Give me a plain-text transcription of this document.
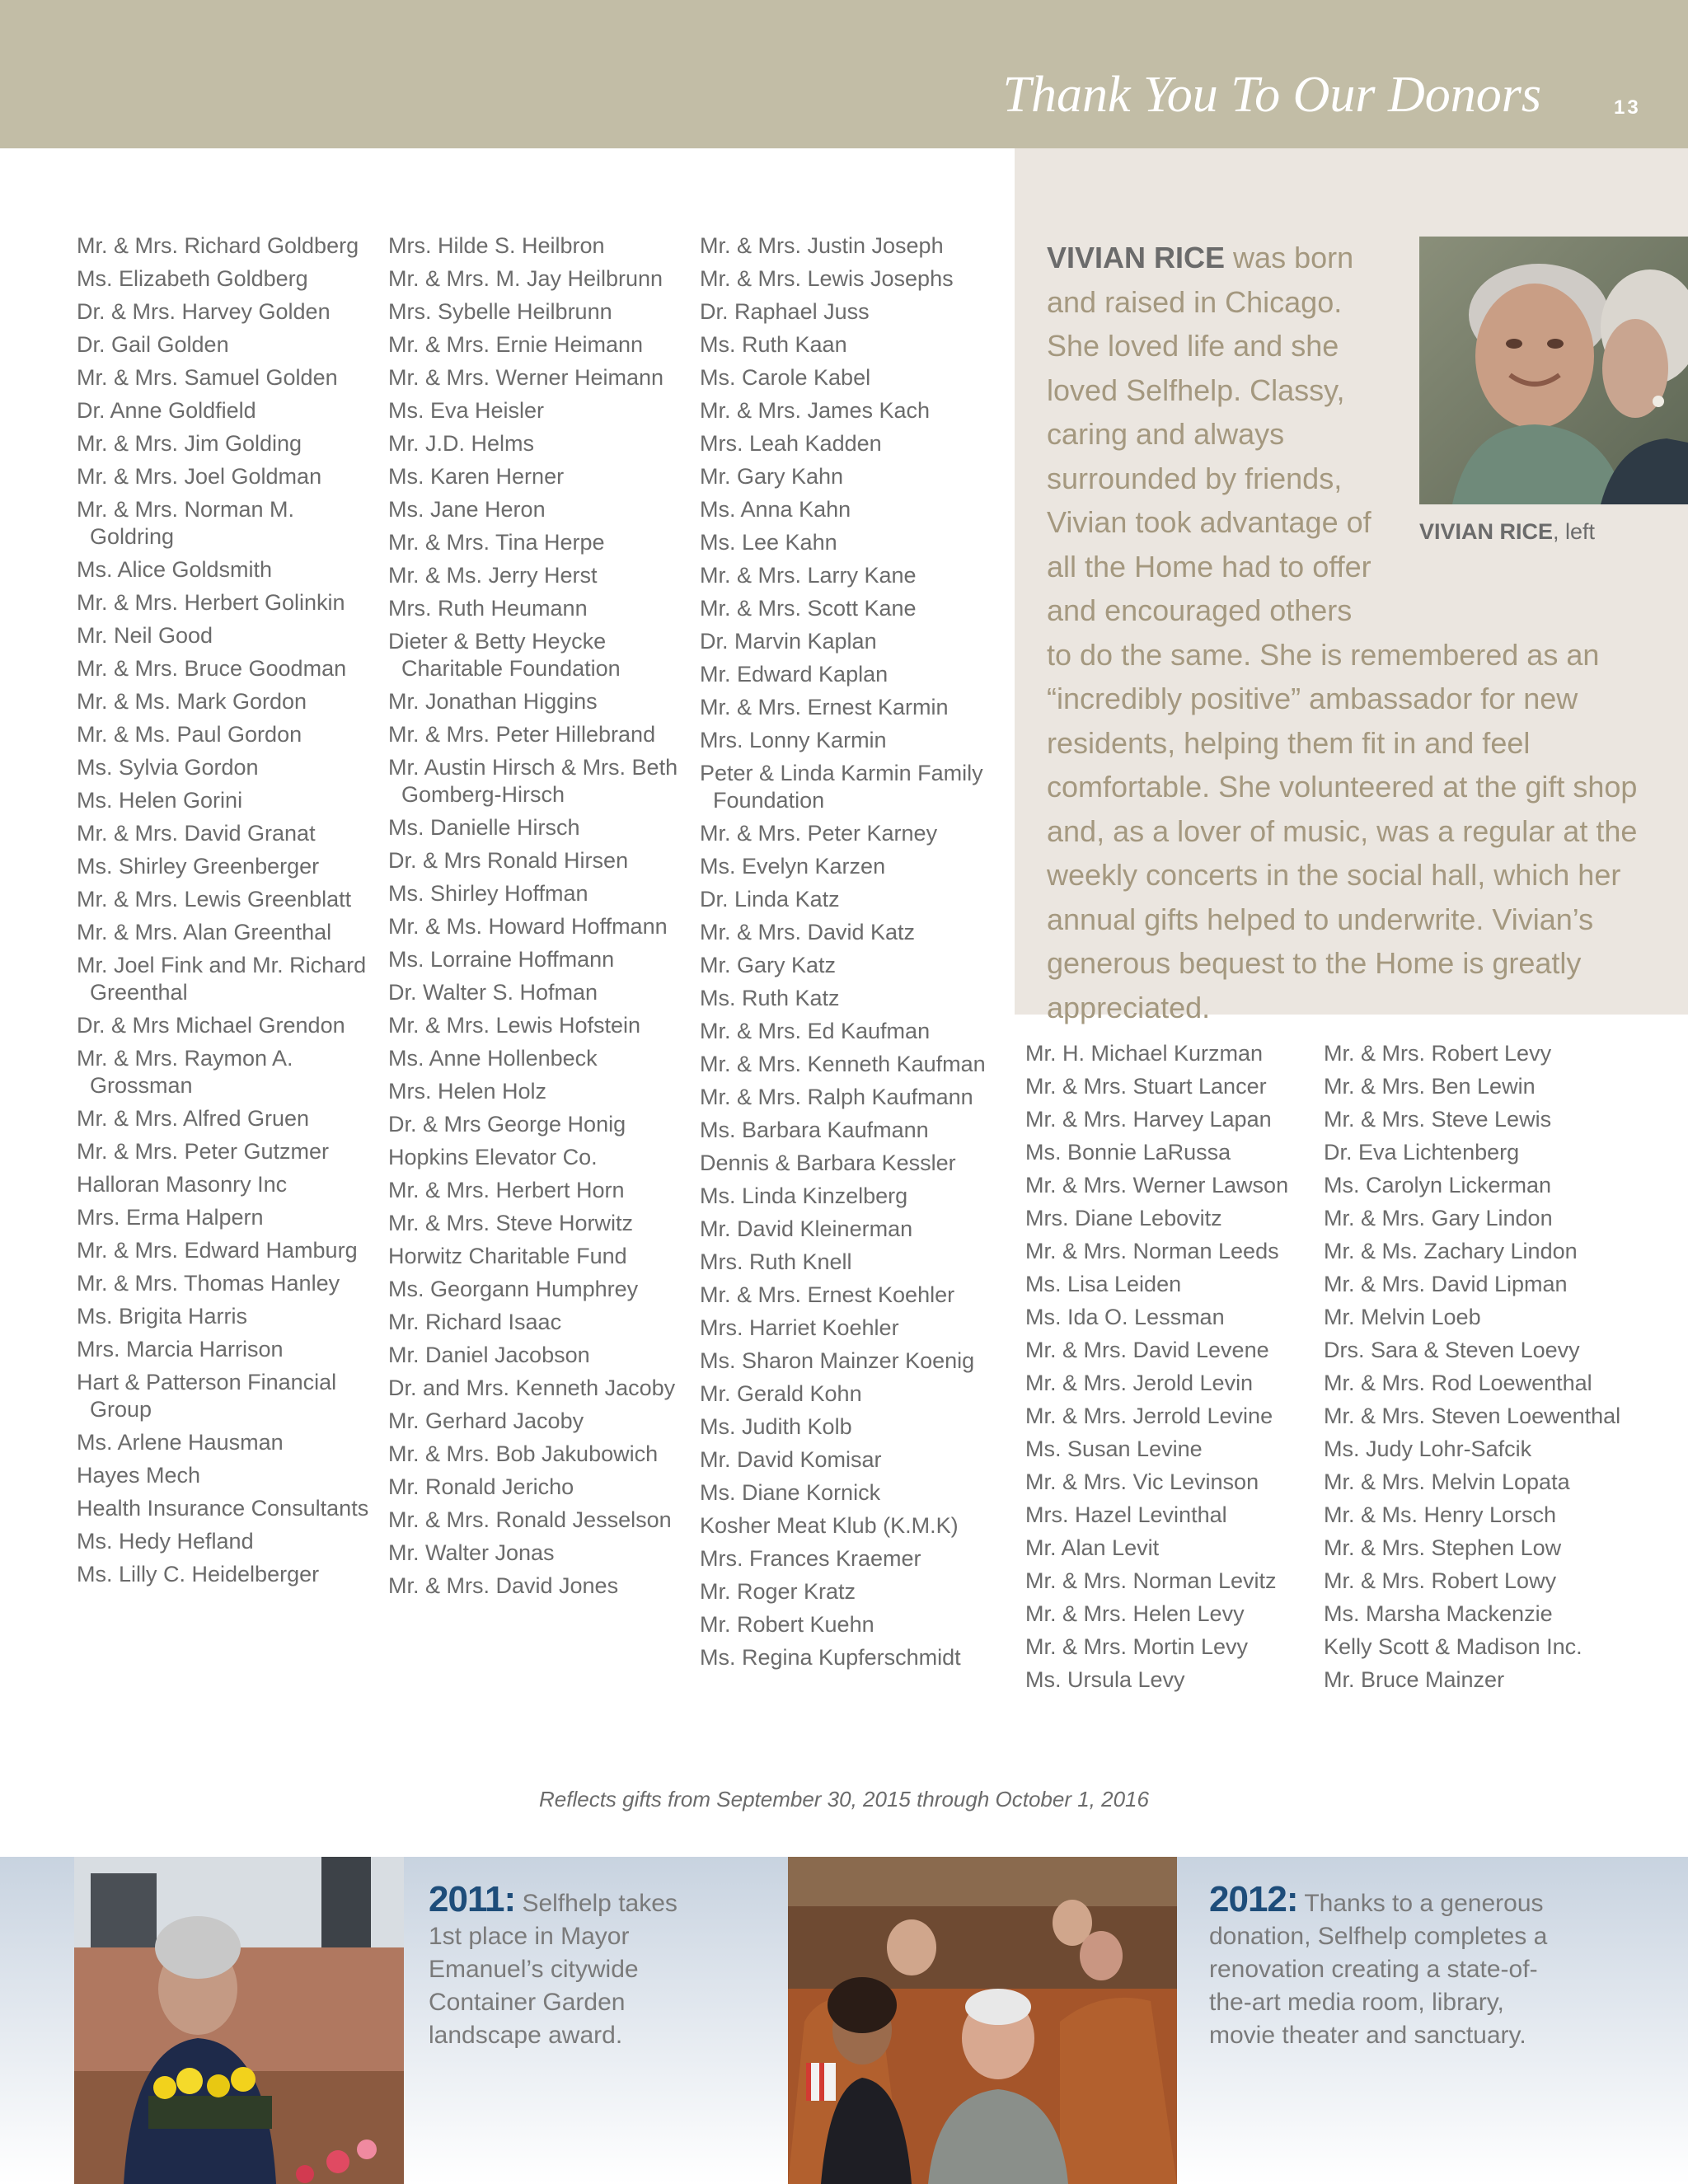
Thank You To Our Donors	13
VIVIAN RICE was born and raised in Chicago. She loved life and she loved Selfhelp. Classy, caring and always surrounded by friends, Vivian took advantage of all the Home had to offer and encouraged others to do the same. She is remembered as an “incredibly positive” ambassador for new residents, helping them fit in and feel comfortable. She volunteered at the gift shop and, as a lover of music, was a regular at the weekly concerts in the social hall, which her annual gifts helped to underwrite. Vivian’s generous bequest to the Home is greatly appreciated.
VIVIAN RICE, left
Mr. & Mrs. Richard Goldberg
Ms. Elizabeth Goldberg
Dr. & Mrs. Harvey Golden
Dr. Gail Golden
Mr. & Mrs. Samuel Golden
Dr. Anne Goldfield
Mr. & Mrs. Jim Golding
Mr. & Mrs. Joel Goldman
Mr. & Mrs. Norman M. Goldring
Ms. Alice Goldsmith
Mr. & Mrs. Herbert Golinkin
Mr. Neil Good
Mr. & Mrs. Bruce Goodman
Mr. & Ms. Mark Gordon
Mr. & Ms. Paul Gordon
Ms. Sylvia Gordon
Ms. Helen Gorini
Mr. & Mrs. David Granat
Ms. Shirley Greenberger
Mr. & Mrs. Lewis Greenblatt
Mr. & Mrs. Alan Greenthal
Mr. Joel Fink and Mr. Richard Greenthal
Dr. & Mrs Michael Grendon
Mr. & Mrs. Raymon A. Grossman
Mr. & Mrs. Alfred Gruen
Mr. & Mrs. Peter Gutzmer
Halloran Masonry Inc
Mrs. Erma Halpern
Mr. & Mrs. Edward Hamburg
Mr. & Mrs. Thomas Hanley
Ms. Brigita Harris
Mrs. Marcia Harrison
Hart & Patterson Financial Group
Ms. Arlene Hausman
Hayes Mech
Health Insurance Consultants
Ms. Hedy Hefland
Ms. Lilly C. Heidelberger
Mrs. Hilde S. Heilbron
Mr. & Mrs. M. Jay Heilbrunn
Mrs. Sybelle Heilbrunn
Mr. & Mrs. Ernie Heimann
Mr. & Mrs. Werner Heimann
Ms. Eva Heisler
Mr. J.D. Helms
Ms. Karen Herner
Ms. Jane Heron
Mr. & Mrs. Tina Herpe
Mr. & Ms. Jerry Herst
Mrs. Ruth Heumann
Dieter & Betty Heycke Charitable Foundation
Mr. Jonathan Higgins
Mr. & Mrs. Peter Hillebrand
Mr. Austin Hirsch & Mrs. Beth Gomberg-Hirsch
Ms. Danielle Hirsch
Dr. & Mrs Ronald Hirsen
Ms. Shirley Hoffman
Mr. & Ms. Howard Hoffmann
Ms. Lorraine Hoffmann
Dr. Walter S. Hofman
Mr. & Mrs. Lewis Hofstein
Ms. Anne Hollenbeck
Mrs. Helen Holz
Dr. & Mrs George Honig
Hopkins Elevator Co.
Mr. & Mrs. Herbert Horn
Mr. & Mrs. Steve Horwitz
Horwitz Charitable Fund
Ms. Georgann Humphrey
Mr. Richard Isaac
Mr. Daniel Jacobson
Dr. and Mrs. Kenneth Jacoby
Mr. Gerhard Jacoby
Mr. & Mrs. Bob Jakubowich
Mr. Ronald Jericho
Mr. & Mrs. Ronald Jesselson
Mr. Walter Jonas
Mr. & Mrs. David Jones
Mr. & Mrs. Justin Joseph
Mr. & Mrs. Lewis Josephs
Dr. Raphael Juss
Ms. Ruth Kaan
Ms. Carole Kabel
Mr. & Mrs. James Kach
Mrs. Leah Kadden
Mr. Gary Kahn
Ms. Anna Kahn
Ms. Lee Kahn
Mr. & Mrs. Larry Kane
Mr. & Mrs. Scott Kane
Dr. Marvin Kaplan
Mr. Edward Kaplan
Mr. & Mrs. Ernest Karmin
Mrs. Lonny Karmin
Peter & Linda Karmin Family Foundation
Mr. & Mrs. Peter Karney
Ms. Evelyn Karzen
Dr. Linda Katz
Mr. & Mrs. David Katz
Mr. Gary Katz
Ms. Ruth Katz
Mr. & Mrs. Ed Kaufman
Mr. & Mrs. Kenneth Kaufman
Mr. & Mrs. Ralph Kaufmann
Ms. Barbara Kaufmann
Dennis & Barbara Kessler
Ms. Linda Kinzelberg
Mr. David Kleinerman
Mrs. Ruth Knell
Mr. & Mrs. Ernest Koehler
Mrs. Harriet Koehler
Ms. Sharon Mainzer Koenig
Mr. Gerald Kohn
Ms. Judith Kolb
Mr. David Komisar
Ms. Diane Kornick
Kosher Meat Klub (K.M.K)
Mrs. Frances Kraemer
Mr. Roger Kratz
Mr. Robert Kuehn
Ms. Regina Kupferschmidt
Mr. H. Michael Kurzman
Mr. & Mrs. Stuart Lancer
Mr. & Mrs. Harvey Lapan
Ms. Bonnie LaRussa
Mr. & Mrs. Werner Lawson
Mrs. Diane Lebovitz
Mr. & Mrs. Norman Leeds
Ms. Lisa Leiden
Ms. Ida O. Lessman
Mr. & Mrs. David Levene
Mr. & Mrs. Jerold Levin
Mr. & Mrs. Jerrold Levine
Ms. Susan Levine
Mr. & Mrs. Vic Levinson
Mrs. Hazel Levinthal
Mr. Alan Levit
Mr. & Mrs. Norman Levitz
Mr. & Mrs. Helen Levy
Mr. & Mrs. Mortin Levy
Ms. Ursula Levy
Mr. & Mrs. Robert Levy
Mr. & Mrs. Ben Lewin
Mr. & Mrs. Steve Lewis
Dr. Eva Lichtenberg
Ms. Carolyn Lickerman
Mr. & Mrs. Gary Lindon
Mr. & Ms. Zachary Lindon
Mr. & Mrs. David Lipman
Mr. Melvin Loeb
Drs. Sara & Steven Loevy
Mr. & Mrs. Rod Loewenthal
Mr. & Mrs. Steven Loewenthal
Ms. Judy Lohr-Safcik
Mr. & Mrs. Melvin Lopata
Mr. & Ms. Henry Lorsch
Mr. & Mrs. Stephen Low
Mr. & Mrs. Robert Lowy
Ms. Marsha Mackenzie
Kelly Scott & Madison Inc.
Mr. Bruce Mainzer
Reflects gifts from September 30, 2015 through October 1, 2016
2011: Selfhelp takes 1st place in Mayor Emanuel’s citywide Container Garden landscape award.
2012: Thanks to a generous donation, Selfhelp completes a renovation creating a state-of-the-art media room, library, movie theater and sanctuary.
